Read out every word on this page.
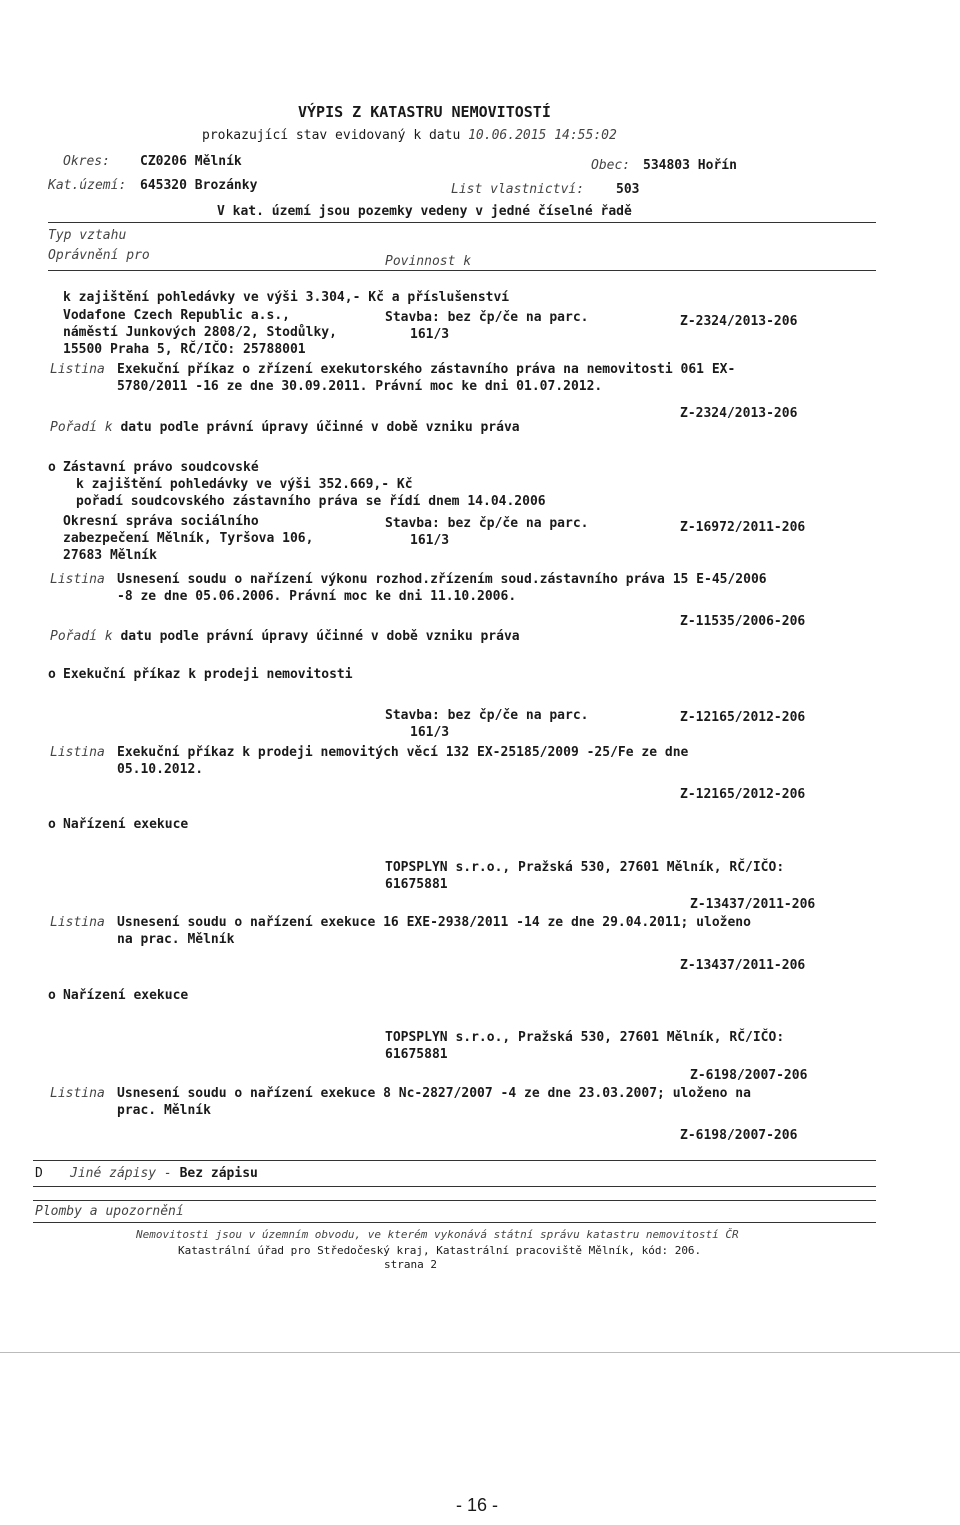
VÝPIS Z KATASTRU NEMOVITOSTÍ
prokazující stav evidovaný k datu 10.06.2015 14:55:02
Okres: CZ0206 Mělník	Obec: 534803 Hořín
Kat.území: 645320 Brozánky	List vlastnictví: 503
V kat. území jsou pozemky vedeny v jedné číselné řadě
Typ vztahu
Oprávnění pro	Povinnost k
k zajištění pohledávky ve výši 3.304,- Kč a příslušenství
Vodafone Czech Republic a.s.,
náměstí Junkových 2808/2, Stodůlky,
15500 Praha 5, RČ/IČO: 25788001
Stavba: bez čp/če na parc.
161/3
Z-2324/2013-206
Listina Exekuční příkaz o zřízení exekutorského zástavního práva na nemovitosti 061 EX-
5780/2011 -16 ze dne 30.09.2011. Právní moc ke dni 01.07.2012.
Z-2324/2013-206
Pořadí k datu podle právní úpravy účinné v době vzniku práva
o Zástavní právo soudcovské
k zajištění pohledávky ve výši 352.669,- Kč
pořadí soudcovského zástavního práva se řídí dnem 14.04.2006
Okresní správa sociálního
zabezpečení Mělník, Tyršova 106,
27683 Mělník
Stavba: bez čp/če na parc.
161/3
Z-16972/2011-206
Listina Usnesení soudu o nařízení výkonu rozhod.zřízením soud.zástavního práva 15 E-45/2006
-8 ze dne 05.06.2006. Právní moc ke dni 11.10.2006.
Z-11535/2006-206
Pořadí k datu podle právní úpravy účinné v době vzniku práva
o Exekuční příkaz k prodeji nemovitosti
Stavba: bez čp/če na parc.
161/3
Z-12165/2012-206
Listina Exekuční příkaz k prodeji nemovitých věcí 132 EX-25185/2009 -25/Fe ze dne
05.10.2012.
Z-12165/2012-206
o Nařízení exekuce
TOPSPLYN s.r.o., Pražská 530, 27601 Mělník, RČ/IČO:
61675881
Z-13437/2011-206
Listina Usnesení soudu o nařízení exekuce 16 EXE-2938/2011 -14 ze dne 29.04.2011; uloženo
na prac. Mělník
Z-13437/2011-206
o Nařízení exekuce
TOPSPLYN s.r.o., Pražská 530, 27601 Mělník, RČ/IČO:
61675881
Z-6198/2007-206
Listina Usnesení soudu o nařízení exekuce 8 Nc-2827/2007 -4 ze dne 23.03.2007; uloženo na
prac. Mělník
Z-6198/2007-206
D Jiné zápisy - Bez zápisu
Plomby a upozornění
Nemovitosti jsou v územním obvodu, ve kterém vykonává státní správu katastru nemovitostí ČR
Katastrální úřad pro Středočeský kraj, Katastrální pracoviště Mělník, kód: 206.
strana 2
- 16 -
